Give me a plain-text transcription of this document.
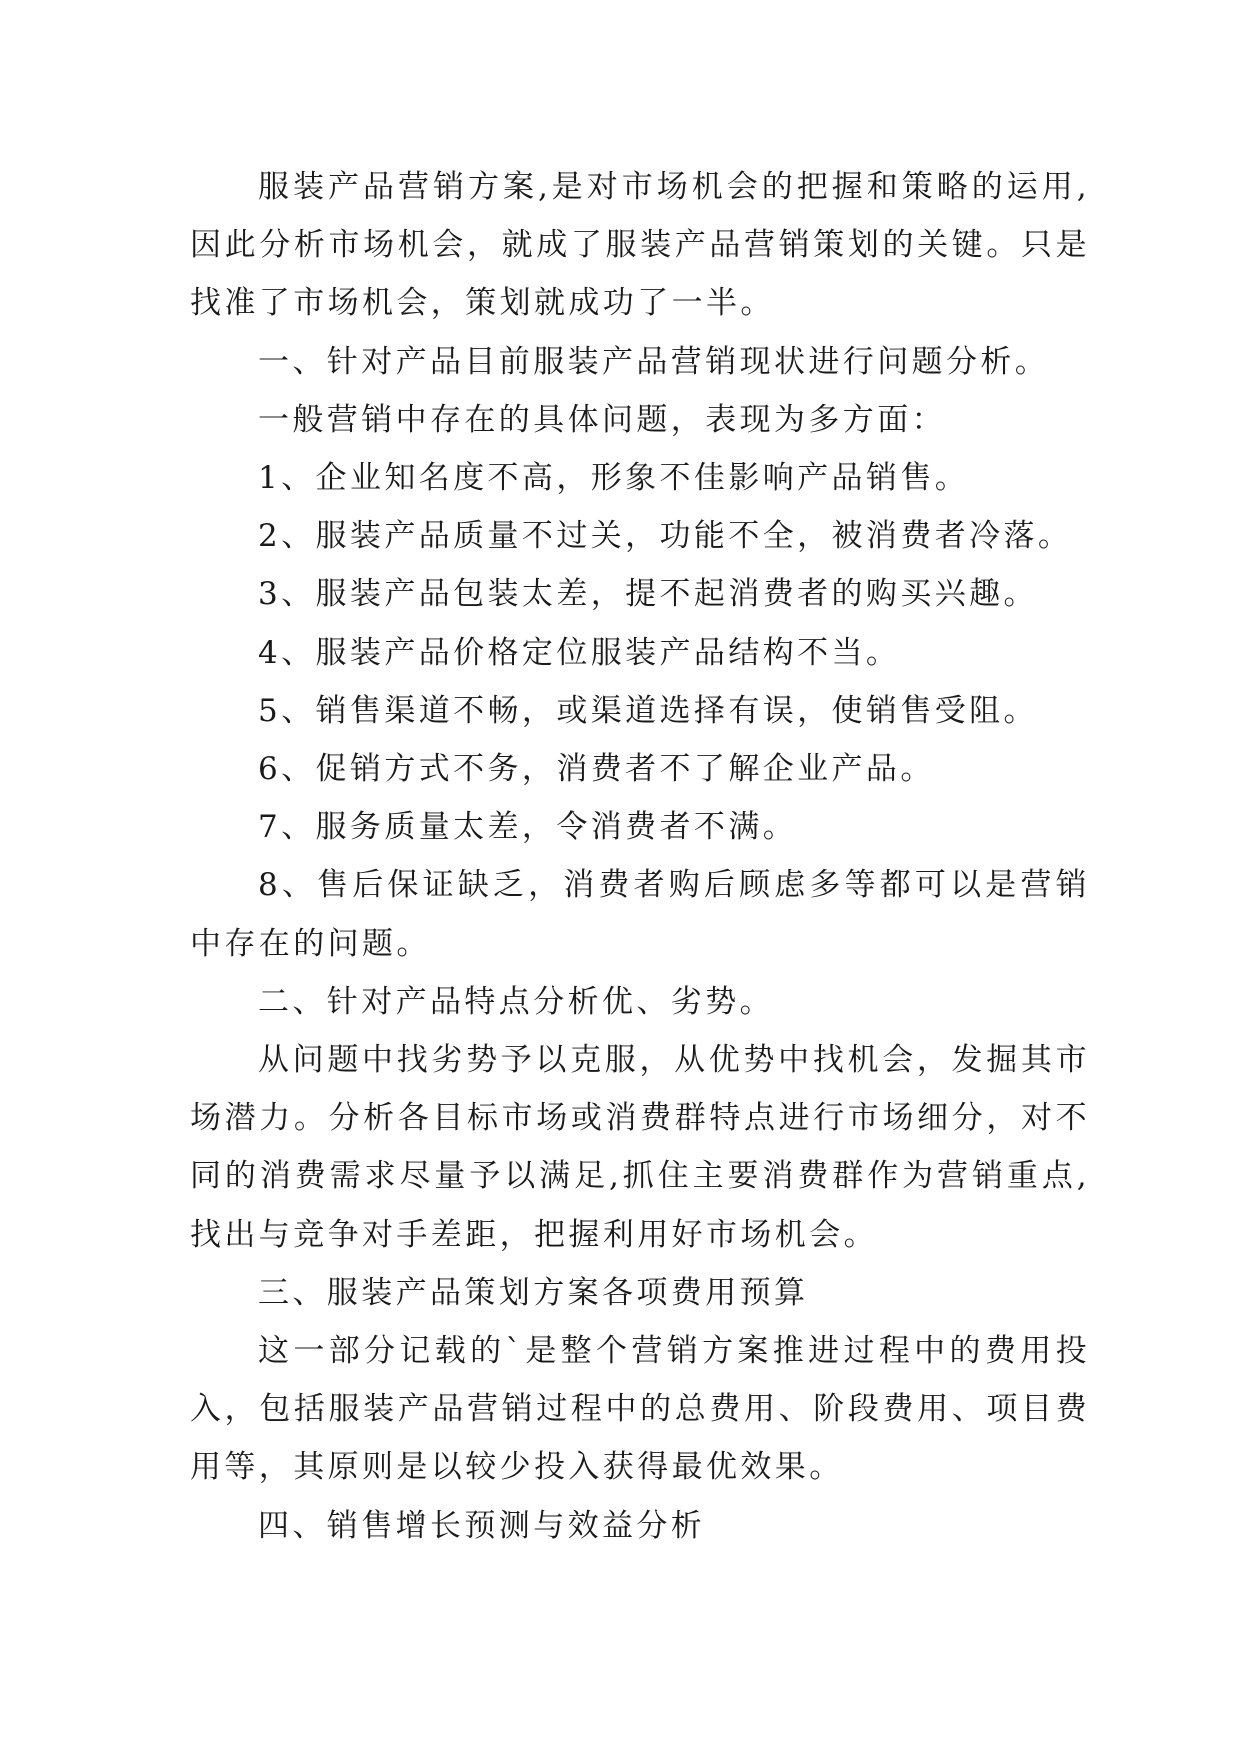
服装产品营销方案,是对市场机会的把握和策略的运用,因此分析市场机会，就成了服装产品营销策划的关键。只是找准了市场机会，策划就成功了一半。

一、针对产品目前服装产品营销现状进行问题分析。

一般营销中存在的具体问题，表现为多方面：

1、企业知名度不高，形象不佳影响产品销售。

2、服装产品质量不过关，功能不全，被消费者冷落。

3、服装产品包装太差，提不起消费者的购买兴趣。

4、服装产品价格定位服装产品结构不当。

5、销售渠道不畅，或渠道选择有误，使销售受阻。

6、促销方式不务，消费者不了解企业产品。

7、服务质量太差，令消费者不满。

8、售后保证缺乏，消费者购后顾虑多等都可以是营销中存在的问题。

二、针对产品特点分析优、劣势。

从问题中找劣势予以克服，从优势中找机会，发掘其市场潜力。分析各目标市场或消费群特点进行市场细分，对不同的消费需求尽量予以满足,抓住主要消费群作为营销重点,找出与竞争对手差距，把握利用好市场机会。

三、服装产品策划方案各项费用预算

这一部分记载的`是整个营销方案推进过程中的费用投入，包括服装产品营销过程中的总费用、阶段费用、项目费用等，其原则是以较少投入获得最优效果。

四、销售增长预测与效益分析
